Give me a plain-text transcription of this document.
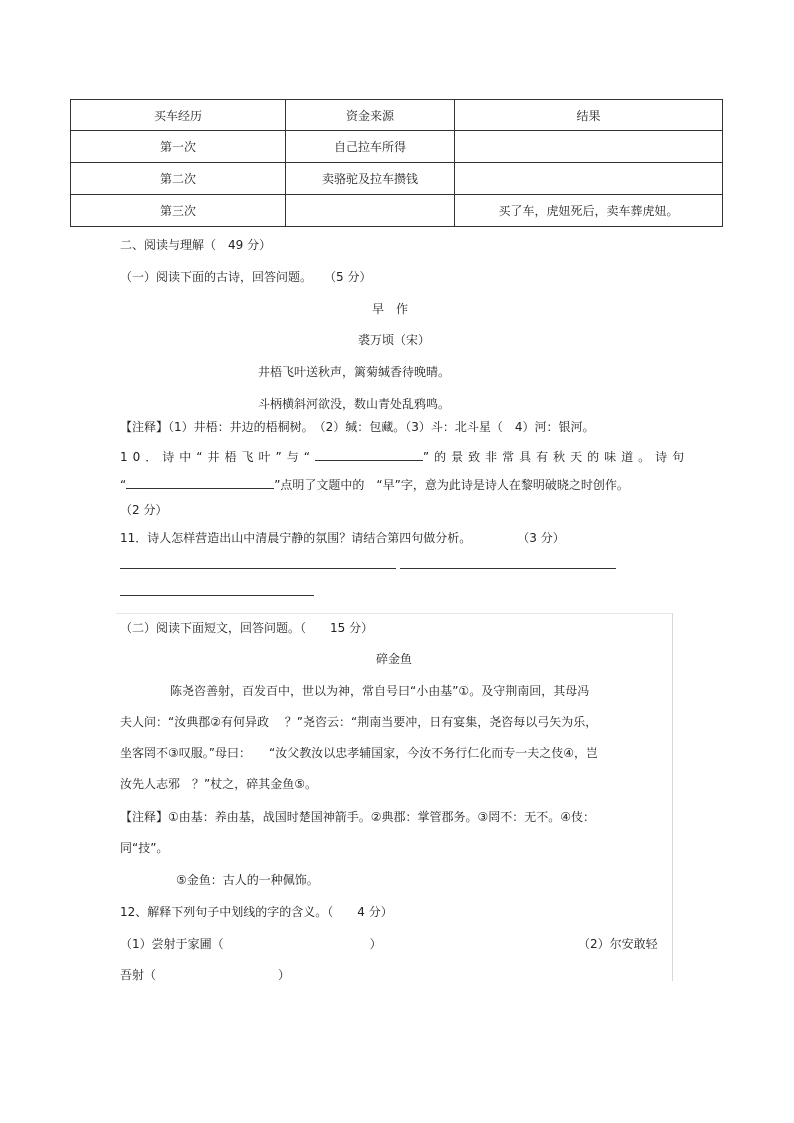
买车经历	资金来源	结果
第一次	自己拉车所得	
第二次	卖骆驼及拉车攒钱	
第三次		买了车，虎妞死后，卖车葬虎妞。
二、阅读与理解（　49 分）
（一）阅读下面的古诗，回答问题。　　（5 分）
早　作
裘万顷（宋）
井梧飞叶送秋声，篱菊缄香待晚晴。
斗柄横斜河欲没，数山青处乱鸦鸣。
【注释】（1）井梧：井边的梧桐树。　（2）缄：包藏。（3）斗：北斗星（　4）河：银河。
10．诗中“井梧飞叶”与“	”的景致非常具有秋天的味道。诗句
“	”点明了文题中的　“早”字，意为此诗是诗人在黎明破晓之时创作。
（2 分）
11．诗人怎样营造出山中清晨宁静的氛围？请结合第四句做分析。	（3 分）
（二）阅读下面短文，回答问题。（　　15 分）
碎金鱼
陈尧咨善射，百发百中，世以为神，常自号曰“小由基”①。及守荆南回，其母冯
夫人问：“汝典郡②有何异政　 ？”尧咨云：“荆南当要冲，日有宴集，尧咨每以弓矢为乐，
坐客罔不③叹服。”母曰：　　“汝父教汝以忠孝辅国家，今汝不务行仁化而专一夫之伎④，岂
汝先人志邪　？”杖之，碎其金鱼⑤。
【注释】①由基：养由基，战国时楚国神箭手。②典郡：掌管郡务。③罔不：无不。④伎：
同“技”。
⑤金鱼：古人的一种佩饰。
12、解释下列句子中划线的字的含义。（　　4 分）
（1）尝射于家圃（	）	（2）尔安敢轻
吾射（	）
